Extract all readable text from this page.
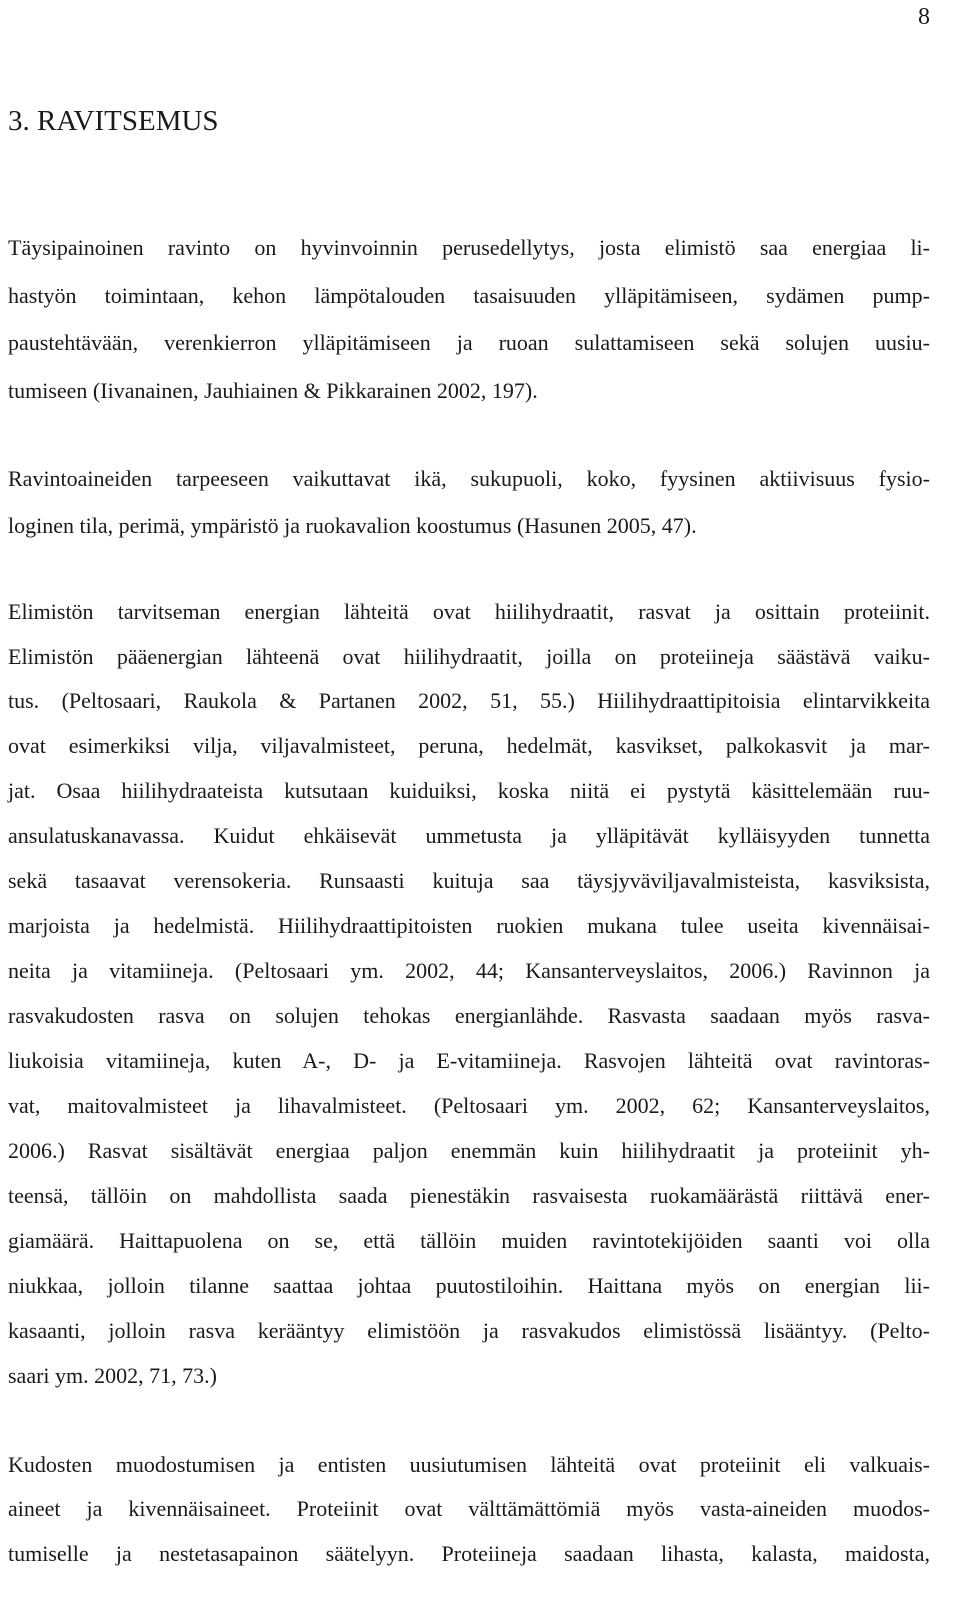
8
3. RAVITSEMUS
Täysipainoinen ravinto on hyvinvoinnin perusedellytys, josta elimistö saa energiaa li-
hastyön toimintaan, kehon lämpötalouden tasaisuuden ylläpitämiseen, sydämen pump-
paustehtävään, verenkierron ylläpitämiseen ja ruoan sulattamiseen sekä solujen uusiu-
tumiseen (Iivanainen, Jauhiainen & Pikkarainen 2002, 197).
Ravintoaineiden tarpeeseen vaikuttavat ikä, sukupuoli, koko, fyysinen aktiivisuus fysio-
loginen tila, perimä, ympäristö ja ruokavalion koostumus (Hasunen 2005, 47).
Elimistön tarvitseman energian lähteitä ovat hiilihydraatit, rasvat ja osittain proteiinit.
Elimistön pääenergian lähteenä ovat hiilihydraatit, joilla on proteiineja säästävä vaiku-
tus. (Peltosaari, Raukola & Partanen 2002, 51, 55.) Hiilihydraattipitoisia elintarvikkeita
ovat esimerkiksi vilja, viljavalmisteet, peruna, hedelmät, kasvikset, palkokasvit ja mar-
jat. Osaa hiilihydraateista kutsutaan kuiduiksi, koska niitä ei pystytä käsittelemään ruu-
ansulatuskanavassa. Kuidut ehkäisevät ummetusta ja ylläpitävät kylläisyyden tunnetta
sekä tasaavat verensokeria. Runsaasti kuituja saa täysjyväviljavalmisteista, kasviksista,
marjoista ja hedelmistä. Hiilihydraattipitoisten ruokien mukana tulee useita kivennäisai-
neita ja vitamiineja. (Peltosaari ym. 2002, 44; Kansanterveyslaitos, 2006.) Ravinnon ja
rasvakudosten rasva on solujen tehokas energianlähde. Rasvasta saadaan myös rasva-
liukoisia vitamiineja, kuten A-, D- ja E-vitamiineja. Rasvojen lähteitä ovat ravintoras-
vat, maitovalmisteet ja lihavalmisteet. (Peltosaari ym. 2002, 62; Kansanterveyslaitos,
2006.) Rasvat sisältävät energiaa paljon enemmän kuin hiilihydraatit ja proteiinit yh-
teensä, tällöin on mahdollista saada pienestäkin rasvaisesta ruokamäärästä riittävä ener-
giamäärä. Haittapuolena on se, että tällöin muiden ravintotekijöiden saanti voi olla
niukkaa, jolloin tilanne saattaa johtaa puutostiloihin. Haittana myös on energian lii-
kasaanti, jolloin rasva kerääntyy elimistöön ja rasvakudos elimistössä lisääntyy. (Pelto-
saari ym. 2002, 71, 73.)
Kudosten muodostumisen ja entisten uusiutumisen lähteitä ovat proteiinit eli valkuais-
aineet ja kivennäisaineet. Proteiinit ovat välttämättömiä myös vasta-aineiden muodos-
tumiselle ja nestetasapainon säätelyyn. Proteiineja saadaan lihasta, kalasta, maidosta,
